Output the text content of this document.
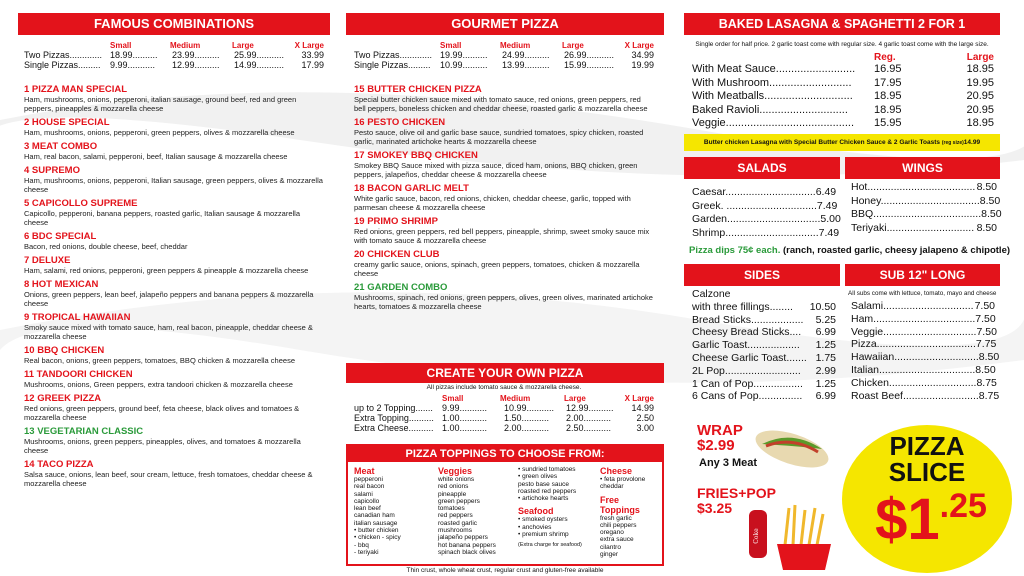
FAMOUS COMBINATIONS
Small	Medium	Large	X Large
Two Pizzas............. 18.99..........	23.99..........	25.99...........	33.99
Single Pizzas.........	9.99...........	12.99..........	14.99...........	17.99
1 PIZZA MAN SPECIAL
Ham, mushrooms, onions, pepperoni, italian sausage, ground beef, red and green peppers, pineapples & mozzarella cheese
2 HOUSE SPECIAL
Ham, mushrooms, onions, pepperoni, green peppers, olives & mozzarella cheese
3 MEAT COMBO
Ham, real bacon, salami, pepperoni, beef, Italian sausage & mozzarella cheese
4 SUPREMO
Ham, mushrooms, onions, pepperoni, Italian sausage, green peppers, olives & mozzarella cheese
5 CAPICOLLO SUPREME
Capicollo, pepperoni, banana peppers, roasted garlic, Italian sausage & mozzarella cheese
6 BDC SPECIAL
Bacon, red onions, double cheese, beef, cheddar
7 DELUXE
Ham, salami, red onions, pepperoni, green peppers & pineapple & mozzarella cheese
8 HOT MEXICAN
Onions, green peppers, lean beef, jalapeño peppers and banana peppers & mozzarella cheese
9 TROPICAL HAWAIIAN
Smoky sauce mixed with tomato sauce, ham, real bacon, pineapple, cheddar cheese & mozzarella cheese
10 BBQ CHICKEN
Real bacon, onions, green peppers, tomatoes, BBQ chicken & mozzarella cheese
11 TANDOORI CHICKEN
Mushrooms, onions, Green peppers, extra tandoori chicken & mozzarella cheese
12 GREEK PIZZA
Red onions, green peppers, ground beef, feta cheese, black olives and tomatoes & mozzarella cheese
13 VEGETARIAN CLASSIC
Mushrooms, onions, green peppers, pineapples, olives, and tomatoes & mozzarella cheese
14 TACO PIZZA
Salsa sauce, onions, lean beef, sour cream, lettuce, fresh tomatoes, cheddar cheese & mozzarella cheese
GOURMET PIZZA
Small	Medium	Large	X Large
Two Pizzas............. 19.99..........	24.99..........	26.99...........	34.99
Single Pizzas.........	10.99..........	13.99..........	15.99...........	19.99
15 BUTTER CHICKEN PIZZA
Special butter chicken sauce mixed with tomato sauce, red onions, green peppers, red bell peppers, boneless chicken and cheddar cheese, roasted garlic & mozzarella cheese
16 PESTO CHICKEN
Pesto sauce, olive oil and garlic base sauce, sundried tomatoes, spicy chicken, roasted garlic, marinated artichoke hearts & mozzarella cheese
17 SMOKEY BBQ CHICKEN
Smokey BBQ Sauce mixed with pizza sauce, diced ham, onions, BBQ chicken, green peppers, jalapeños, cheddar cheese & mozzarella cheese
18 BACON GARLIC MELT
White garlic sauce, bacon, red onions, chicken, cheddar cheese, garlic, topped with parmesan cheese & mozzarella cheese
19 PRIMO SHRIMP
Red onions, green peppers, red bell peppers, pineapple, shrimp, sweet smoky sauce mix with tomato sauce & mozzarella cheese
20 CHICKEN CLUB
creamy garlic sauce, onions, spinach, green peppers, tomatoes, chicken & mozzarella cheese
21 GARDEN COMBO
Mushrooms, spinach, red onions, green peppers, olives, green olives, marinated artichoke hearts, tomatoes & mozzarella cheese
CREATE YOUR OWN PIZZA
All pizzas include tomato sauce & mozzarella cheese.
Small	Medium	Large	X Large
up to 2 Topping.......	9.99...........	10.99...........	12.99..........	14.99
Extra Topping.......... 1.00...........	1.50...........	2.00...........	2.50
Extra Cheese.......... 1.00...........	2.00...........	2.50...........	3.00
PIZZA TOPPINGS TO CHOOSE FROM:
Meat
pepperoni
real bacon
salami
capicollo
lean beef
canadian ham
italian sausage
• butter chicken
• chicken - spicy
- bbq
- teriyaki
Veggies
white onions
red onions
pineapple
green peppers
tomatoes
red peppers
roasted garlic
mushrooms
jalapeño peppers
hot banana peppers
spinach black olives
• sundried tomatoes
• green olives
pesto base sauce
roasted red peppers
• artichoke hearts
Seafood
• smoked oysters
• anchovies
• premium shrimp
(Extra charge for seafood)
Cheese
• feta provolone
cheddar
Free Toppings
fresh garlic
chili peppers
oregano
extra sauce
cilantro
ginger
Thin crust, whole wheat crust, regular crust and gluten-free available
BAKED LASAGNA & SPAGHETTI 2 FOR 1
Single order for half price. 2 garlic toast come with regular size. 4 garlic toast come with the large size.
Reg.	Large
With Meat Sauce..........................	16.95	18.95
With Mushroom...........................	17.95	19.95
With Meatballs.............................	18.95	20.95
Baked Ravioli.............................	18.95	20.95
Veggie..........................................	15.95	18.95
Butter chicken Lasagna with Special Butter Chicken Sauce & 2 Garlic Toasts (reg size)14.99
SALADS	WINGS
Caesar............................... 6.49
Greek. ............................... 7.49
Garden................................ 5.00
Shrimp................................ 7.49
Hot..................................... 8.50
Honey.................................. 8.50
BBQ..................................... 8.50
Teriyaki.............................. 8.50
Pizza dips 75¢ each. (ranch, roasted garlic, cheesy jalapeno & chipotle)
SIDES	SUB 12" LONG
Calzone
with three fillings........	10.50
Bread Sticks..................	5.25
Cheesy Bread Sticks....	6.99
Garlic Toast..................	1.25
Cheese Garlic Toast....... 1.75
2L Pop..........................	2.99
1 Can of Pop.................	1.25
6 Cans of Pop...............	6.99
All subs come with lettuce, tomato, mayo and cheese
Salami............................... 7.50
Ham................................... 7.50
Veggie................................ 7.50
Pizza.................................. 7.75
Hawaiian............................. 8.50
Italian................................. 8.50
Chicken.............................. 8.75
Roast Beef.......................... 8.75
WRAP
$2.99
Any 3 Meat
FRIES+POP
$3.25
Coke
PIZZA
SLICE
$1.25
